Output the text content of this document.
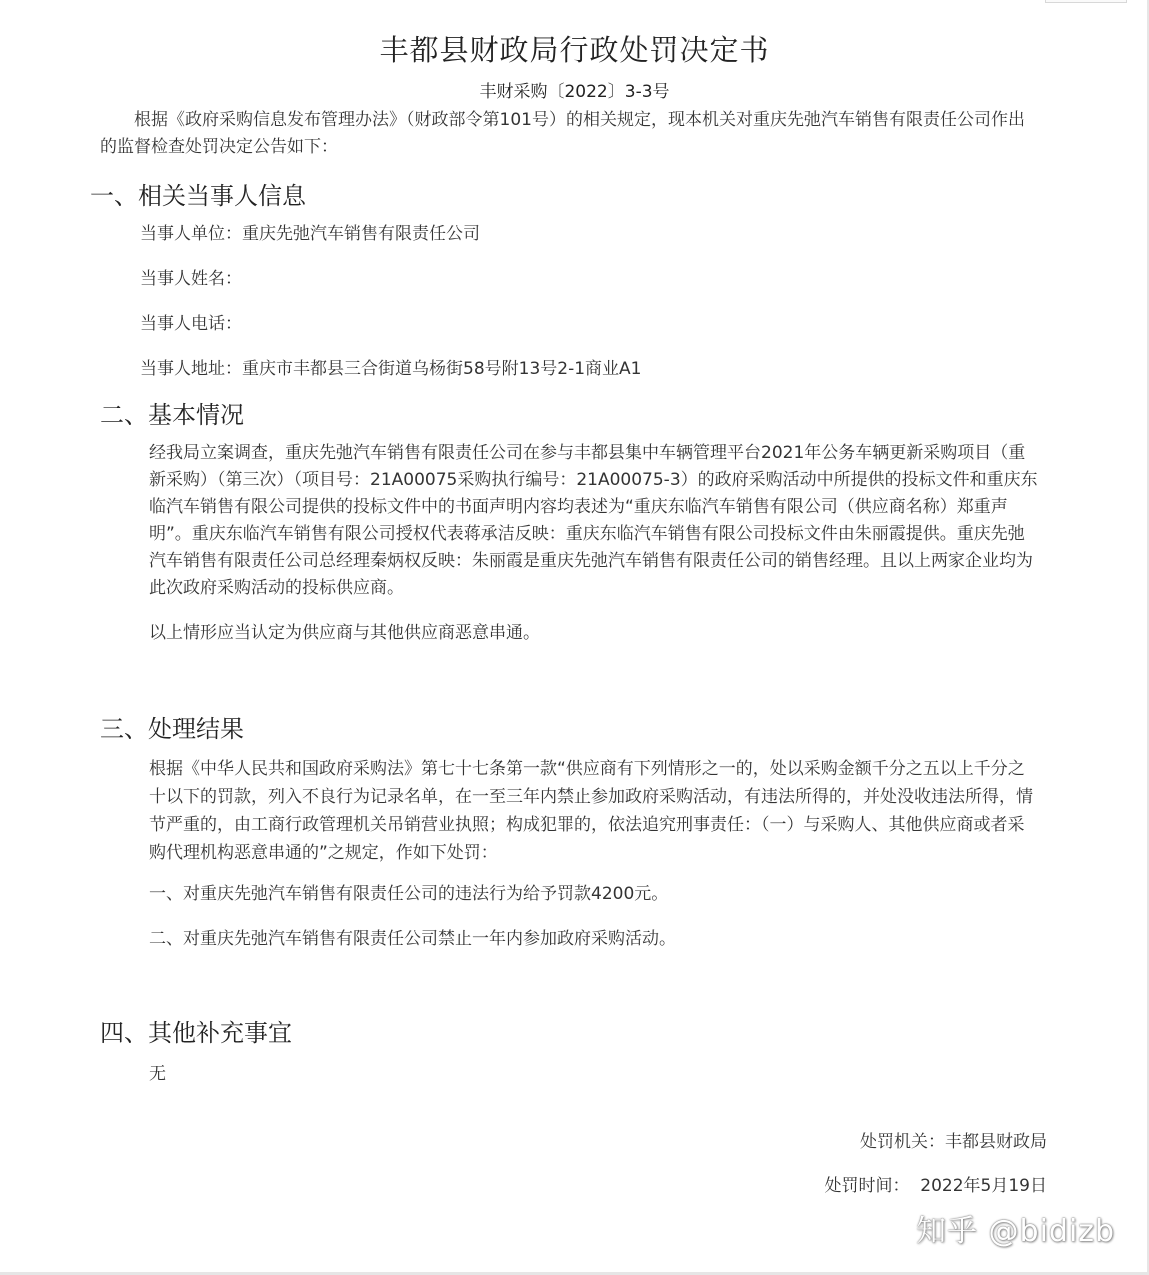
丰都县财政局行政处罚决定书
丰财采购〔2022〕3-3号

根据《政府采购信息发布管理办法》（财政部令第101号）的相关规定，现本机关对重庆先弛汽车销售有限责任公司作出的监督检查处罚决定公告如下：

一、相关当事人信息
当事人单位：重庆先弛汽车销售有限责任公司
当事人姓名：
当事人电话：
当事人地址：重庆市丰都县三合街道乌杨街58号附13号2-1商业A1
二、基本情况

经我局立案调查，重庆先弛汽车销售有限责任公司在参与丰都县集中车辆管理平台2021年公务车辆更新采购项目（重新采购）（第三次）（项目号：21A00075采购执行编号：21A00075-3）的政府采购活动中所提供的投标文件和重庆东临汽车销售有限公司提供的投标文件中的书面声明内容均表述为“重庆东临汽车销售有限公司（供应商名称）郑重声明”。重庆东临汽车销售有限公司授权代表蒋承洁反映：重庆东临汽车销售有限公司投标文件由朱丽霞提供。重庆先弛汽车销售有限责任公司总经理秦炳权反映：朱丽霞是重庆先弛汽车销售有限责任公司的销售经理。且以上两家企业均为此次政府采购活动的投标供应商。

以上情形应当认定为供应商与其他供应商恶意串通。

三、处理结果

根据《中华人民共和国政府采购法》第七十七条第一款“供应商有下列情形之一的，处以采购金额千分之五以上千分之十以下的罚款，列入不良行为记录名单，在一至三年内禁止参加政府采购活动，有违法所得的，并处没收违法所得，情节严重的，由工商行政管理机关吊销营业执照；构成犯罪的，依法追究刑事责任：（一）与采购人、其他供应商或者采购代理机构恶意串通的”之规定，作如下处罚：

一、对重庆先弛汽车销售有限责任公司的违法行为给予罚款4200元。

二、对重庆先弛汽车销售有限责任公司禁止一年内参加政府采购活动。

四、其他补充事宜

无

处罚机关：丰都县财政局
处罚时间：  2022年5月19日
知乎 @bidizb
